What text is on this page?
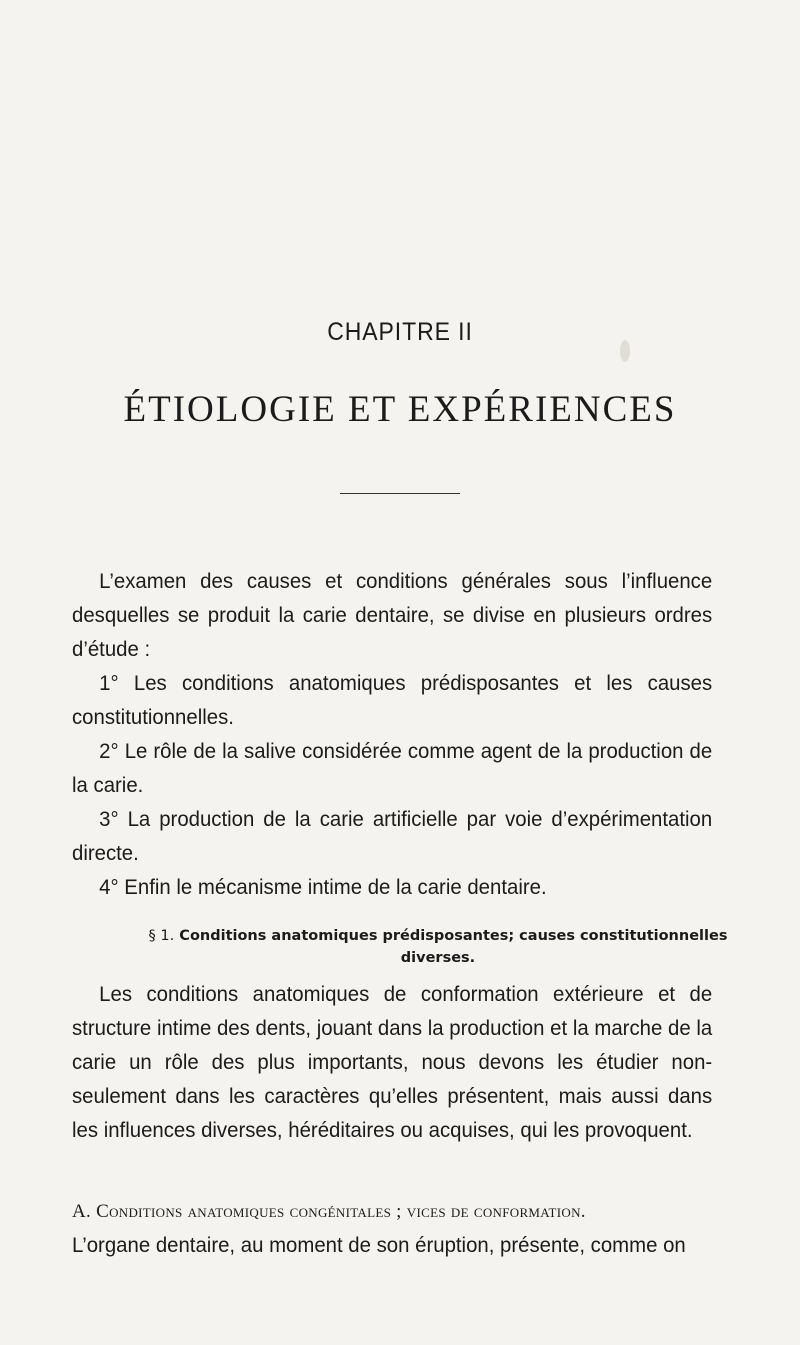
CHAPITRE II
ÉTIOLOGIE ET EXPÉRIENCES

L’examen des causes et conditions générales sous l’influence desquelles se produit la carie dentaire, se divise en plusieurs ordres d’étude :

1° Les conditions anatomiques prédisposantes et les causes constitutionnelles.

2° Le rôle de la salive considérée comme agent de la production de la carie.

3° La production de la carie artificielle par voie d’expérimentation directe.

4° Enfin le mécanisme intime de la carie dentaire.

§ 1. Conditions anatomiques prédisposantes; causes constitutionnelles diverses.

Les conditions anatomiques de conformation extérieure et de structure intime des dents, jouant dans la production et la marche de la carie un rôle des plus importants, nous devons les étudier non-seulement dans les caractères qu’elles présentent, mais aussi dans les influences diverses, héréditaires ou acquises, qui les provoquent.

A. Conditions anatomiques congénitales ; vices de conformation.
L’organe dentaire, au moment de son éruption, présente, comme on
